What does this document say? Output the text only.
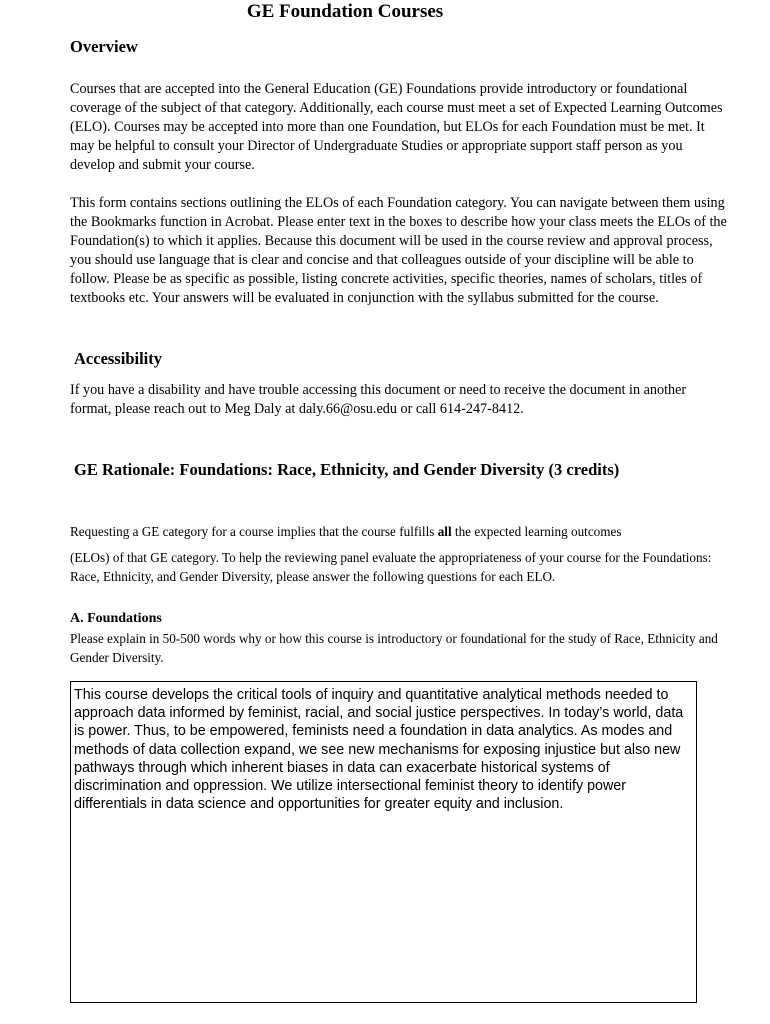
GE Foundation Courses
Overview

Courses that are accepted into the General Education (GE) Foundations provide introductory or foundational coverage of the subject of that category. Additionally, each course must meet a set of Expected Learning Outcomes (ELO). Courses may be accepted into more than one Foundation, but ELOs for each Foundation must be met. It may be helpful to consult your Director of Undergraduate Studies or appropriate support staff person as you develop and submit your course.

This form contains sections outlining the ELOs of each Foundation category. You can navigate between them using the Bookmarks function in Acrobat. Please enter text in the boxes to describe how your class meets the ELOs of the Foundation(s) to which it applies. Because this document will be used in the course review and approval process, you should use language that is clear and concise and that colleagues outside of your discipline will be able to follow. Please be as specific as possible, listing concrete activities, specific theories, names of scholars, titles of textbooks etc. Your answers will be evaluated in conjunction with the syllabus submitted for the course.

Accessibility

If you have a disability and have trouble accessing this document or need to receive the document in another format, please reach out to Meg Daly at daly.66@osu.edu or call 614-247-8412.

GE Rationale: Foundations: Race, Ethnicity, and Gender Diversity (3 credits)

Requesting a GE category for a course implies that the course fulfills all the expected learning outcomes

(ELOs) of that GE category. To help the reviewing panel evaluate the appropriateness of your course for the Foundations: Race, Ethnicity, and Gender Diversity, please answer the following questions for each ELO.

A. Foundations

Please explain in 50-500 words why or how this course is introductory or foundational for the study of Race, Ethnicity and Gender Diversity.

This course develops the critical tools of inquiry and quantitative analytical methods needed to approach data informed by feminist, racial, and social justice perspectives. In today’s world, data is power. Thus, to be empowered, feminists need a foundation in data analytics. As modes and methods of data collection expand, we see new mechanisms for exposing injustice but also new pathways through which inherent biases in data can exacerbate historical systems of discrimination and oppression. We utilize intersectional feminist theory to identify power differentials in data science and opportunities for greater equity and inclusion.
